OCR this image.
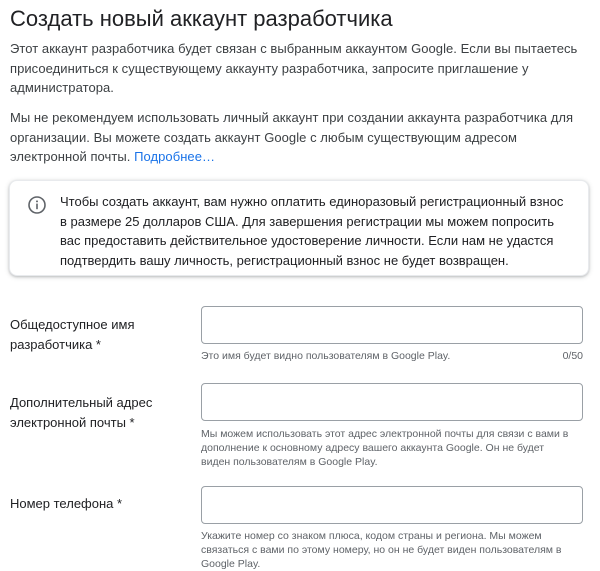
Создать новый аккаунт разработчика
Этот аккаунт разработчика будет связан с выбранным аккаунтом Google. Если вы пытаетесь присоединиться к существующему аккаунту разработчика, запросите приглашение у администратора.
Мы не рекомендуем использовать личный аккаунт при создании аккаунта разработчика для организации. Вы можете создать аккаунт Google с любым существующим адресом электронной почты. Подробнее…
Чтобы создать аккаунт, вам нужно оплатить единоразовый регистрационный взнос в размере 25 долларов США. Для завершения регистрации мы можем попросить вас предоставить действительное удостоверение личности. Если нам не удастся подтвердить вашу личность, регистрационный взнос не будет возвращен.
Общедоступное имя разработчика *
Это имя будет видно пользователям в Google Play.	0/50
Дополнительный адрес электронной почты *
Мы можем использовать этот адрес электронной почты для связи с вами в дополнение к основному адресу вашего аккаунта Google. Он не будет виден пользователям в Google Play.
Номер телефона *
Укажите номер со знаком плюса, кодом страны и региона. Мы можем связаться с вами по этому номеру, но он не будет виден пользователям в Google Play.
